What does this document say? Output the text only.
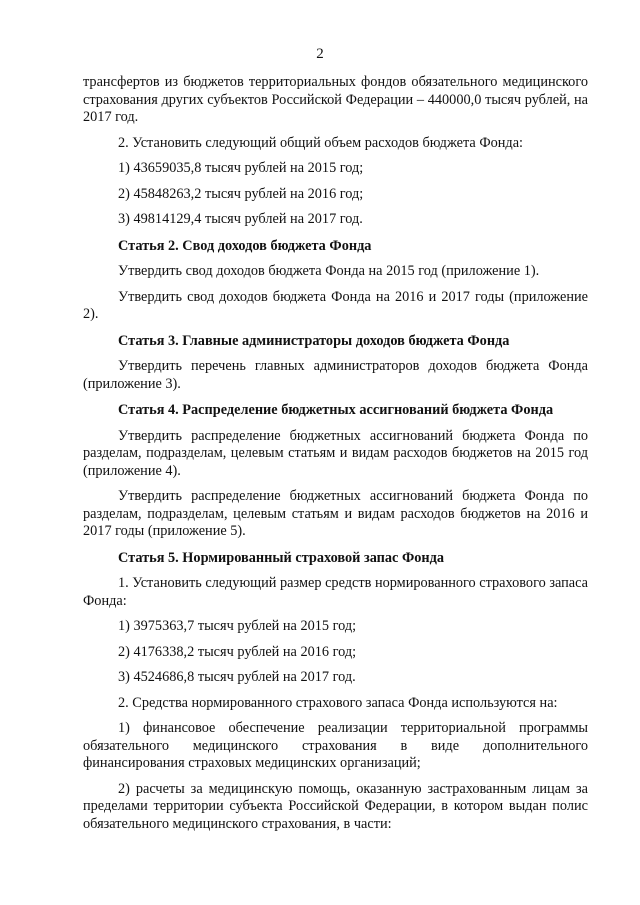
2

трансфертов из бюджетов территориальных фондов обязательного медицинского страхования других субъектов Российской Федерации – 440000,0 тысяч рублей, на 2017 год.

2. Установить следующий общий объем расходов бюджета Фонда:

1) 43659035,8 тысяч рублей на 2015 год;

2) 45848263,2 тысяч рублей на 2016 год;

3) 49814129,4 тысяч рублей на 2017 год.

Статья 2. Свод доходов бюджета Фонда

Утвердить свод доходов бюджета Фонда на 2015 год (приложение 1).

Утвердить свод доходов бюджета Фонда на 2016 и 2017 годы (приложение 2).

Статья 3. Главные администраторы доходов бюджета Фонда

Утвердить перечень главных администраторов доходов бюджета Фонда (приложение 3).

Статья 4. Распределение бюджетных ассигнований бюджета Фонда

Утвердить распределение бюджетных ассигнований бюджета Фонда по разделам, подразделам, целевым статьям и видам расходов бюджетов на 2015 год (приложение 4).

Утвердить распределение бюджетных ассигнований бюджета Фонда по разделам, подразделам, целевым статьям и видам расходов бюджетов на 2016 и 2017 годы (приложение 5).

Статья 5. Нормированный страховой запас Фонда

1. Установить следующий размер средств нормированного страхового запаса Фонда:

1) 3975363,7 тысяч рублей на 2015 год;

2) 4176338,2 тысяч рублей на 2016 год;

3) 4524686,8 тысяч рублей на 2017 год.

2. Средства нормированного страхового запаса Фонда используются на:

1) финансовое обеспечение реализации территориальной программы обязательного медицинского страхования в виде дополнительного финансирования страховых медицинских организаций;

2) расчеты за медицинскую помощь, оказанную застрахованным лицам за пределами территории субъекта Российской Федерации, в котором выдан полис обязательного медицинского страхования, в части:
